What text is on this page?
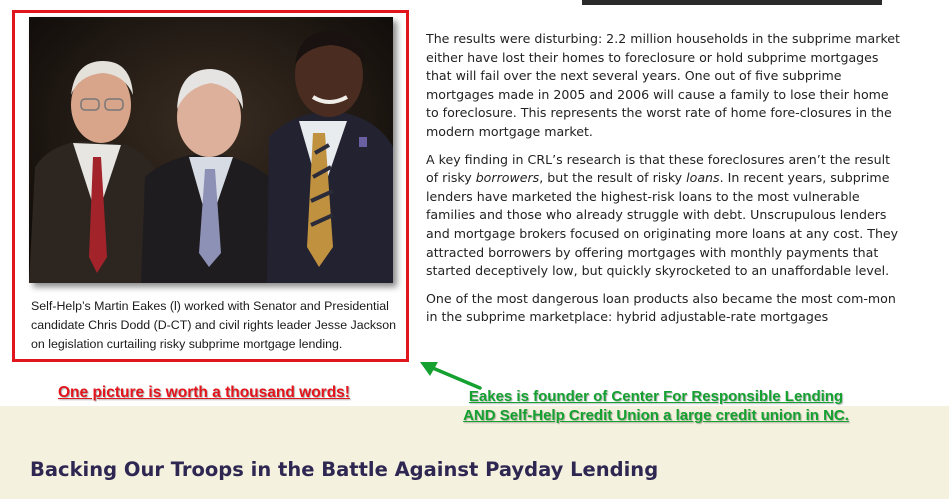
Self-Help’s Martin Eakes (l) worked with Senator and Presidential candidate Chris Dodd (D-CT) and civil rights leader Jesse Jackson on legislation curtailing risky subprime mortgage lending.

The results were disturbing: 2.2 million households in the subprime market either have lost their homes to foreclosure or hold subprime mortgages that will fail over the next several years. One out of five subprime mortgages made in 2005 and 2006 will cause a family to lose their home to foreclosure. This represents the worst rate of home fore-closures in the modern mortgage market.

A key finding in CRL’s research is that these foreclosures aren’t the result of risky borrowers, but the result of risky loans. In recent years, subprime lenders have marketed the highest-risk loans to the most vulnerable families and those who already struggle with debt. Unscrupulous lenders and mortgage brokers focused on originating more loans at any cost. They attracted borrowers by offering mortgages with monthly payments that started deceptively low, but quickly skyrocketed to an unaffordable level.

One of the most dangerous loan products also became the most com-mon in the subprime marketplace: hybrid adjustable-rate mortgages

One picture is worth a thousand words!	Eakes is founder of Center For Responsible Lending AND Self-Help Credit Union a large credit union in NC.
Backing Our Troops in the Battle Against Payday Lending
